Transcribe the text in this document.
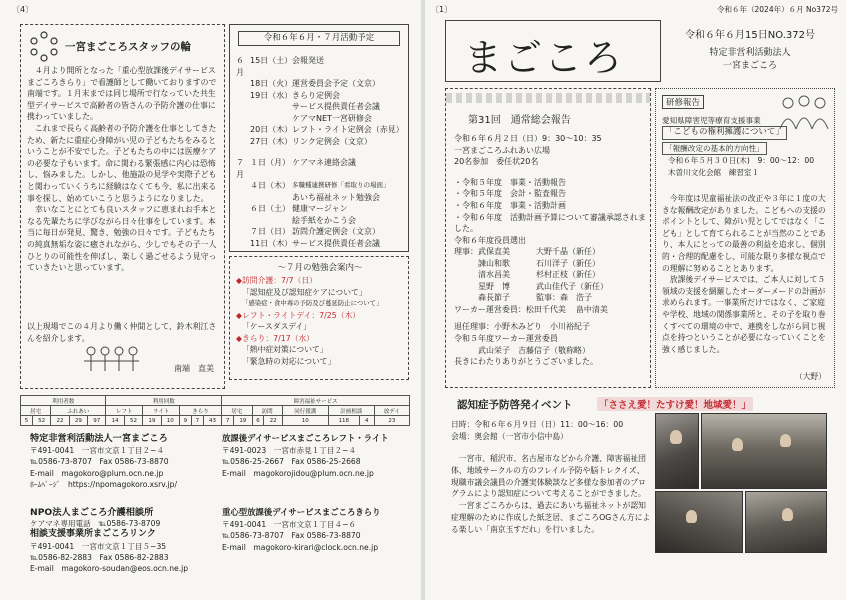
〔4〕
一宮まごころスタッフの輪

　４月より開所となった「重心型放課後デイサービスまごころきらり」で看護師として働いておりますので南端です。１月末までは同じ場所で行なっていた共生型デイサービスで高齢者の皆さんの予防介護の仕事に携わっていました。
　これまで長らく高齢者の予防介護を仕事としてきたため、新たに重症心身障がい児の子どもたちをみるということが不安でした。子どもたちの中には医療ケアの必要な子もいます。命に関わる緊張感に内心は恐怖し、悩みました。しかし、他施設の見学や実際子どもと関わっていくうちに経験はなくても今、私に出来る事を探し、始めていこうと思うようになりました。
　幸いなことにとても良いスタッフに恵まれお手本となる先輩たちに学びながら日々仕事をしています。本当に毎日が発見、驚き、勉強の日々です。子どもたちの純真無垢な姿に癒されながら、少しでもその子一人ひとりの可能性を伸ばし、楽しく過ごせるよう見守っていきたいと思っています。

以上現場でこの４月より働く仲間として、鈴木利江さんを紹介します。

南端　直美
令和６年６月・７月活動予定
６月
15日（土） 会報発送
18日（火） 運営委員会予定（文京）
19日（水） きらり定例会
サービス提供責任者会議
ケアマNET一宮研修会
20日（木） レフト・ライト定例会（赤見）
27日（木） リンク定例会（文京）
７月
１日（月） ケアマネ連絡会議
４日（木） 多職種連携研修「看取りの場面」
あいち福祉ネット勉強会
６日（土） 健康マージャン
絵手紙をかこう会
７日（日） 訪問介護定例会（文京）
11日（木） サービス提供責任者会議
～７月の勉強会案内～
◆訪問介護：7/7（日）
「認知症及び認知症ケアについて」
「感染症・食中毒の予防及び蔓延防止について」
◆レフト・ライトデイ：7/25（木）
「ケースダスデイ」
◆きらり：7/17（水）
「熱中症対策について」
「緊急時の対応について」
利用者数					利用回数							障害福祉サービス							
居宅		ふれあい			レフト		ライト		きらり			居宅		訪問		同行援護	計画相談		放デイ
5	52	22	29	97	14	52	19	10	9	7	43	7	19	6	22	10	118	4	23
特定非営利活動法人一宮まごころ
〒491-0041　一宮市文京１丁目２−４
℡0586-73-8707　Fax 0586-73-8870
E-mail　magokoro@plum.ocn.ne.jp
ﾎｰﾑﾍﾟｰｼﾞ　https://npomagokoro.xsrv.jp/
放課後デイサービスまごころレフト・ライト
〒491-0023　一宮市赤見１丁目２−４
℡0586-25-2667　Fax 0586-25-2668
E-mail　magokorojidou@plum.ocn.ne.jp
NPO法人まごころ介護相談所
ケアマネ専用電話　 ℡0586-73-8709
相談支援事業所まごころリンク
〒491-0041　一宮市文京１丁目５−35
℡0586-82-2883　Fax 0586-82-2883
E-mail　magokoro-soudan@eos.ocn.ne.jp
重心型放課後デイサービスまごころきらり
〒491-0041　一宮市文京１丁目４−６
℡0586-73-8707　Fax 0586-73-8870
E-mail　magokoro-kirari@clock.ocn.ne.jp
〔1〕	令和６年（2024年）６月 No372号
まごころ
令和６年６月15日NO.372号
特定非営利活動法人
一宮まごころ
第31回　通常総会報告
令和６年６月２日（日）9：30～10：35
一宮まごころふれあい広場
20名参加　委任状20名
・令和５年度　事業・活動報告
・令和５年度　会計・監査報告
・令和６年度　事業・活動計画
・令和６年度　活動計画予算について審議承認されました。
令和６年度役員選出
理事： 武保直美	大野千晶（新任）
諫山和歌	石川洋子（新任）
清水昌美	杉村正枝（新任）
星野　博	武山佳代子（新任）
森長節子	監事：森　浩子
ワーカー運営委員： 松田千代美	畠中清美
退任理事：小野木みどり　小川裕紀子
令和５年度ワーカー運営委員
武山栄子　吉藤信子（敬称略）
長きにわたりありがとうございました。
研修報告
愛知県障害児等療育支援事業
「こどもの権利擁護について」 「報酬改定の基本的方向性」
令和６年５月３０日(木)　9：00～12：00
木曽川文化会館　練習室１

　今年度は児童福祉法の改正や３年に１度の大きな報酬改定がありました。こどもへの支援のポイントとして、障がい児としてではなく「こども」として育てられることが当然のことであり、本人にとっての最善の利益を追求し、個別的・合理的配慮をし、可能な限り多様な視点での理解に努めることとあります。
　放課後デイサービスでは、ご本人に対して５領域の支援を網羅したオーダーメードの計画が求められます。一事業所だけではなく、ご家庭や学校、地域の関係事業所と、その子を取り巻くすべての環境の中で、連携をしながら同じ視点を持つということが必要になっていくことを強く感じました。

（大野）
認知症予防啓発イベント	「ささえ愛！たすけ愛！地域愛！」
日時：令和６年６月９日（日）11：00～16：00
会場：奥会館（一宮市小信中島）

　一宮市、稲沢市、名古屋市などから介護、障害福祉団体、地域サークルの方のフレイル予防や脳トレクイズ、現職市議会議員の介護実体験談など多様な参加者のプログラムにより認知症について考えることができました。
　一宮まごころからは、過去にあいち福祉ネットが認知症理解のために作成した紙芝居、まごころOGさん方による楽しい「南京玉すだれ」を行いました。
